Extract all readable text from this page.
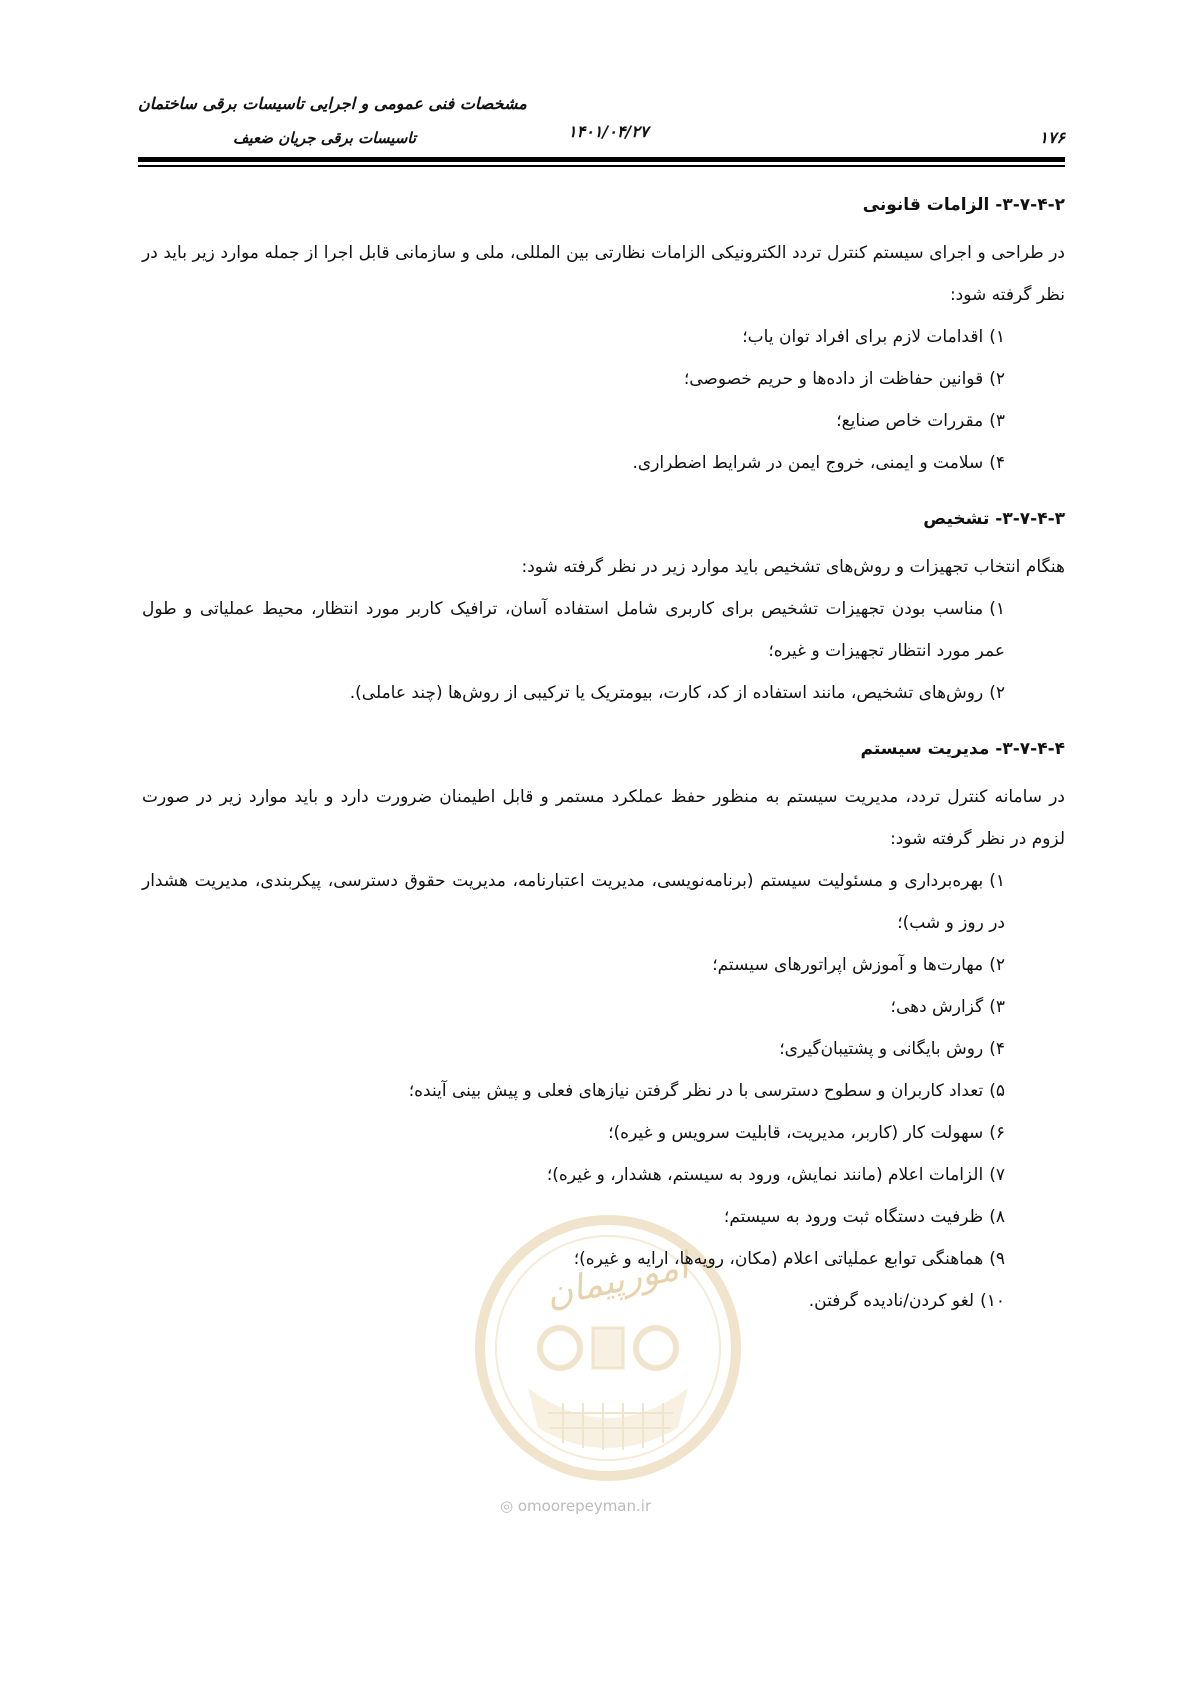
مشخصات فنی عمومی و اجرایی تاسیسات برقی ساختمان
تاسیسات برقی جریان ضعیف	۱۴۰۱/۰۴/۲۷	۱۷۶
امورپیمان
◎ omoorepeyman.ir
۳-۷-۴-۲- الزامات قانونی
در طراحی و اجرای سیستم کنترل تردد الکترونیکی الزامات نظارتی بین المللی، ملی و سازمانی قابل اجرا از جمله موارد زیر باید در نظر گرفته شود:
۱)اقدامات لازم برای افراد توان یاب؛
۲)قوانین حفاظت از داده‌ها و حریم خصوصی؛
۳)مقررات خاص صنایع؛
۴)سلامت و ایمنی، خروج ایمن در شرایط اضطراری.
۳-۷-۴-۳- تشخیص
هنگام انتخاب تجهیزات و روش‌های تشخیص باید موارد زیر در نظر گرفته شود:
۱)مناسب بودن تجهیزات تشخیص برای کاربری شامل استفاده آسان، ترافیک کاربر مورد انتظار، محیط عملیاتی و طول عمر مورد انتظار تجهیزات و غیره؛
۲)روش‌های تشخیص، مانند استفاده از کد، کارت، بیومتریک یا ترکیبی از روش‌ها (چند عاملی).
۳-۷-۴-۴- مدیریت سیستم
در سامانه کنترل تردد، مدیریت سیستم به منظور حفظ عملکرد مستمر و قابل اطیمنان ضرورت دارد و باید موارد زیر در صورت لزوم در نظر گرفته شود:
۱)بهره‌برداری و مسئولیت سیستم (برنامه‌نویسی، مدیریت اعتبارنامه، مدیریت حقوق دسترسی، پیکربندی، مدیریت هشدار در روز و شب)؛
۲)مهارت‌ها و آموزش اپراتورهای سیستم؛
۳)گزارش دهی؛
۴)روش بایگانی و پشتیبان‌گیری؛
۵)تعداد کاربران و سطوح دسترسی با در نظر گرفتن نیازهای فعلی و پیش بینی آینده؛
۶)سهولت کار (کاربر، مدیریت، قابلیت سرویس و غیره)؛
۷)الزامات اعلام (مانند نمایش، ورود به سیستم، هشدار، و غیره)؛
۸)ظرفیت دستگاه ثبت ورود به سیستم؛
۹)هماهنگی توابع عملیاتی اعلام (مکان، رویه‌ها، ارایه و غیره)؛
۱۰)لغو کردن/نادیده گرفتن.
